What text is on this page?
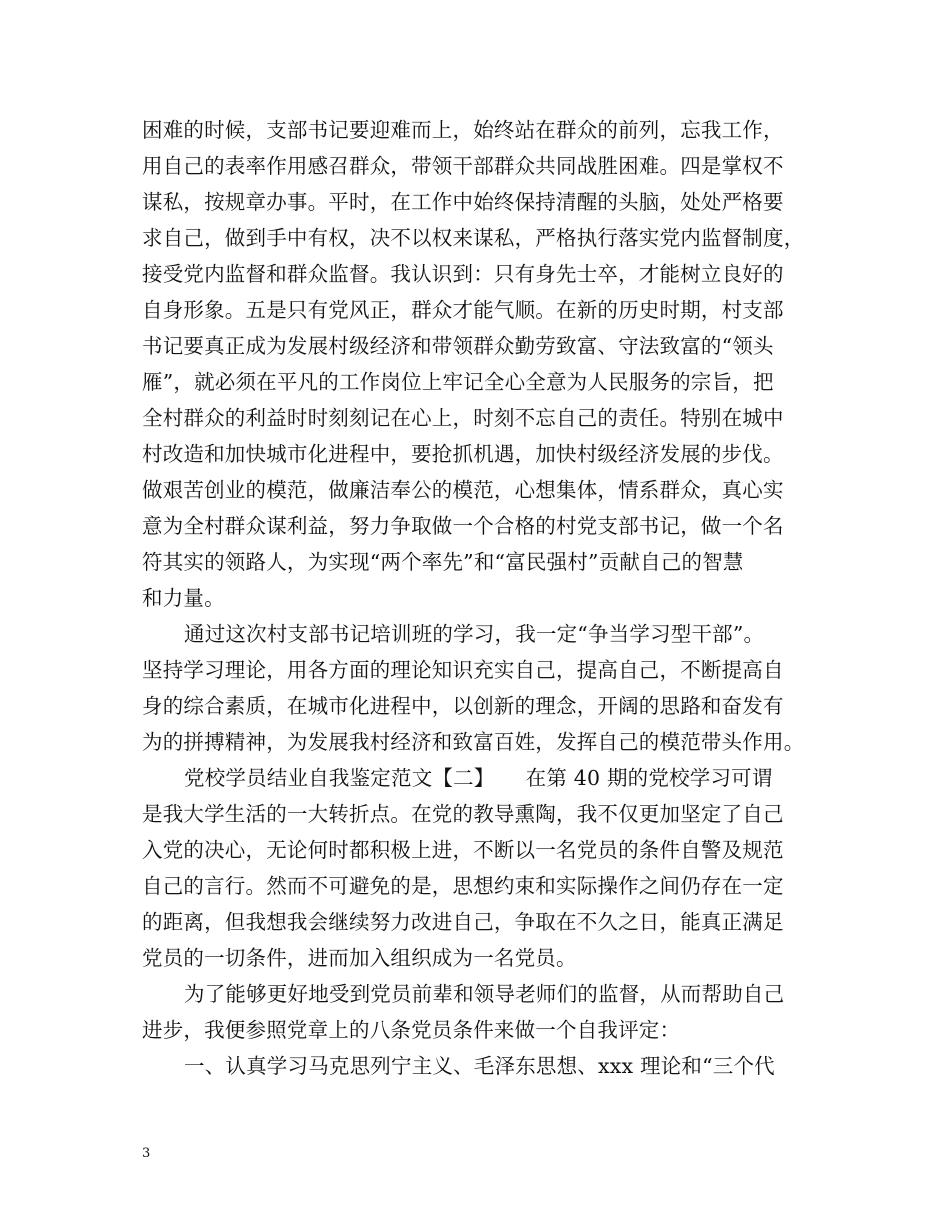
困难的时候，支部书记要迎难而上，始终站在群众的前列，忘我工作，
用自己的表率作用感召群众，带领干部群众共同战胜困难。四是掌权不
谋私，按规章办事。平时，在工作中始终保持清醒的头脑，处处严格要
求自己，做到手中有权，决不以权来谋私，严格执行落实党内监督制度，
接受党内监督和群众监督。我认识到：只有身先士卒，才能树立良好的
自身形象。五是只有党风正，群众才能气顺。在新的历史时期，村支部
书记要真正成为发展村级经济和带领群众勤劳致富、守法致富的“领头
雁”，就必须在平凡的工作岗位上牢记全心全意为人民服务的宗旨，把
全村群众的利益时时刻刻记在心上，时刻不忘自己的责任。特别在城中
村改造和加快城市化进程中，要抢抓机遇，加快村级经济发展的步伐。
做艰苦创业的模范，做廉洁奉公的模范，心想集体，情系群众，真心实
意为全村群众谋利益，努力争取做一个合格的村党支部书记，做一个名
符其实的领路人，为实现“两个率先”和“富民强村”贡献自己的智慧
和力量。
通过这次村支部书记培训班的学习，我一定“争当学习型干部”。
坚持学习理论，用各方面的理论知识充实自己，提高自己，不断提高自
身的综合素质，在城市化进程中，以创新的理念，开阔的思路和奋发有
为的拼搏精神，为发展我村经济和致富百姓，发挥自己的模范带头作用。
党校学员结业自我鉴定范文【二】　　在第 40 期的党校学习可谓
是我大学生活的一大转折点。在党的教导熏陶，我不仅更加坚定了自己
入党的决心，无论何时都积极上进，不断以一名党员的条件自警及规范
自己的言行。然而不可避免的是，思想约束和实际操作之间仍存在一定
的距离，但我想我会继续努力改进自己，争取在不久之日，能真正满足
党员的一切条件，进而加入组织成为一名党员。
为了能够更好地受到党员前辈和领导老师们的监督，从而帮助自己
进步，我便参照党章上的八条党员条件来做一个自我评定：
一、认真学习马克思列宁主义、毛泽东思想、xxx 理论和“三个代
3
